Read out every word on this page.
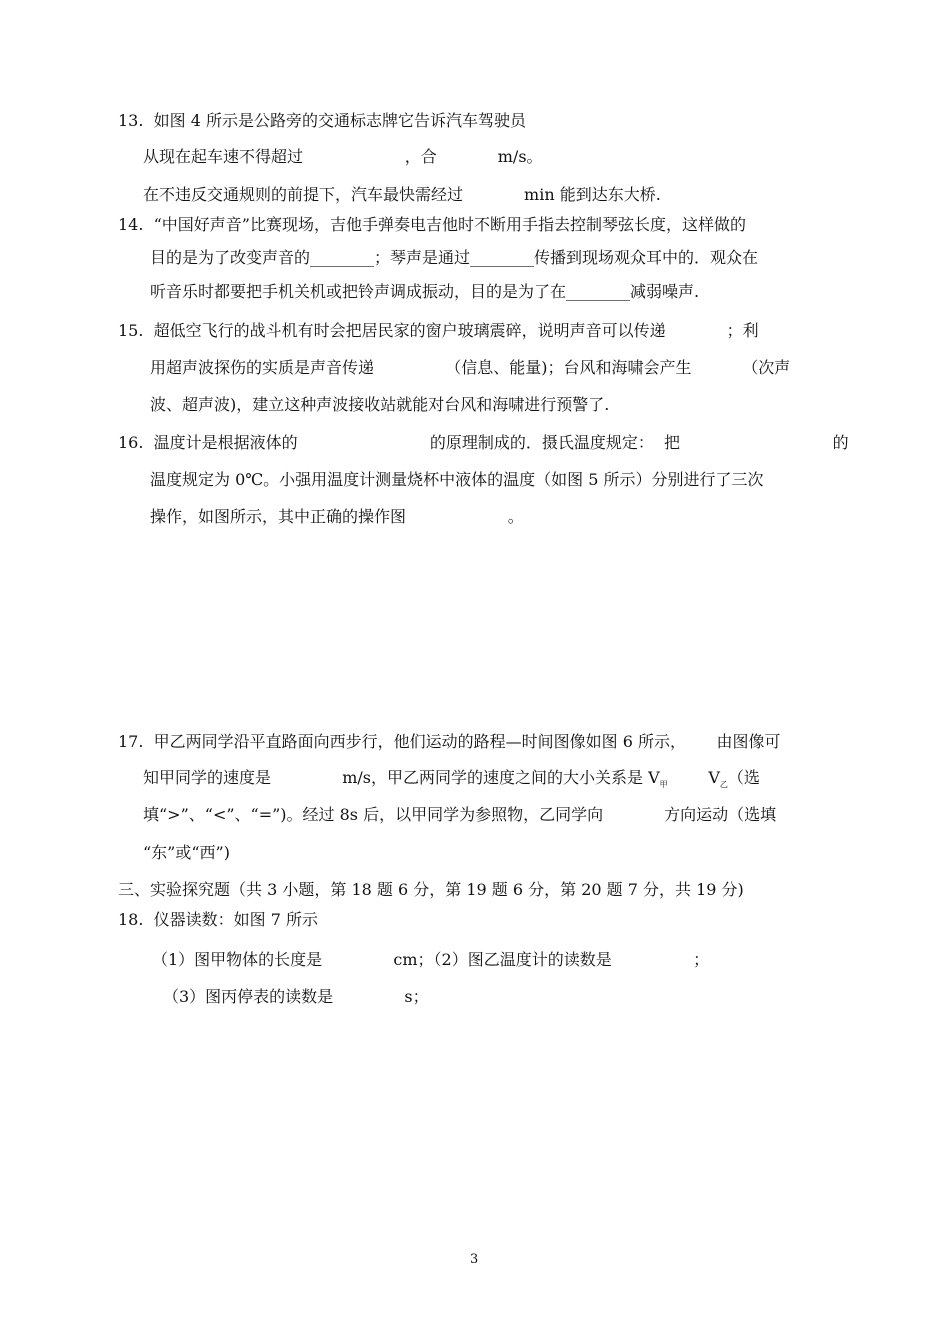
13.  如图 4 所示是公路旁的交通标志牌它告诉汽车驾驶员
从现在起车速不得超过                    ，合            m/s。
在不违反交通规则的前提下，汽车最快需经过            min 能到达东大桥.
14.  “中国好声音”比赛现场，吉他手弹奏电吉他时不断用手指去控制琴弦长度，这样做的
目的是为了改变声音的________；琴声是通过________传播到现场观众耳中的．观众在
听音乐时都要把手机关机或把铃声调成振动，目的是为了在________减弱噪声.
15.  超低空飞行的战斗机有时会把居民家的窗户玻璃震碎，说明声音可以传递            ；利
用超声波探伤的实质是声音传递              （信息、能量)；台风和海啸会产生          （次声
波、超声波)，建立这种声波接收站就能对台风和海啸进行预警了.
16.  温度计是根据液体的                          的原理制成的．摄氏温度规定：  把                              的
温度规定为 0℃。小强用温度计测量烧杯中液体的温度（如图 5 所示）分别进行了三次
操作，如图所示，其中正确的操作图                    。
17.  甲乙两同学沿平直路面向西步行，他们运动的路程—时间图像如图 6 所示，      由图像可
知甲同学的速度是              m/s，甲乙两同学的速度之间的大小关系是 $V_甲$        $V_乙$（选
填“>”、“<”、“=”)。经过 8s 后，以甲同学为参照物，乙同学向            方向运动（选填
“东”或“西”)
三、实验探究题（共 3 小题，第 18 题 6 分，第 19 题 6 分，第 20 题 7 分，共 19 分)
18.  仪器读数：如图 7 所示
（1）图甲物体的长度是              cm；（2）图乙温度计的读数是                ；
（3）图丙停表的读数是              s；
3
